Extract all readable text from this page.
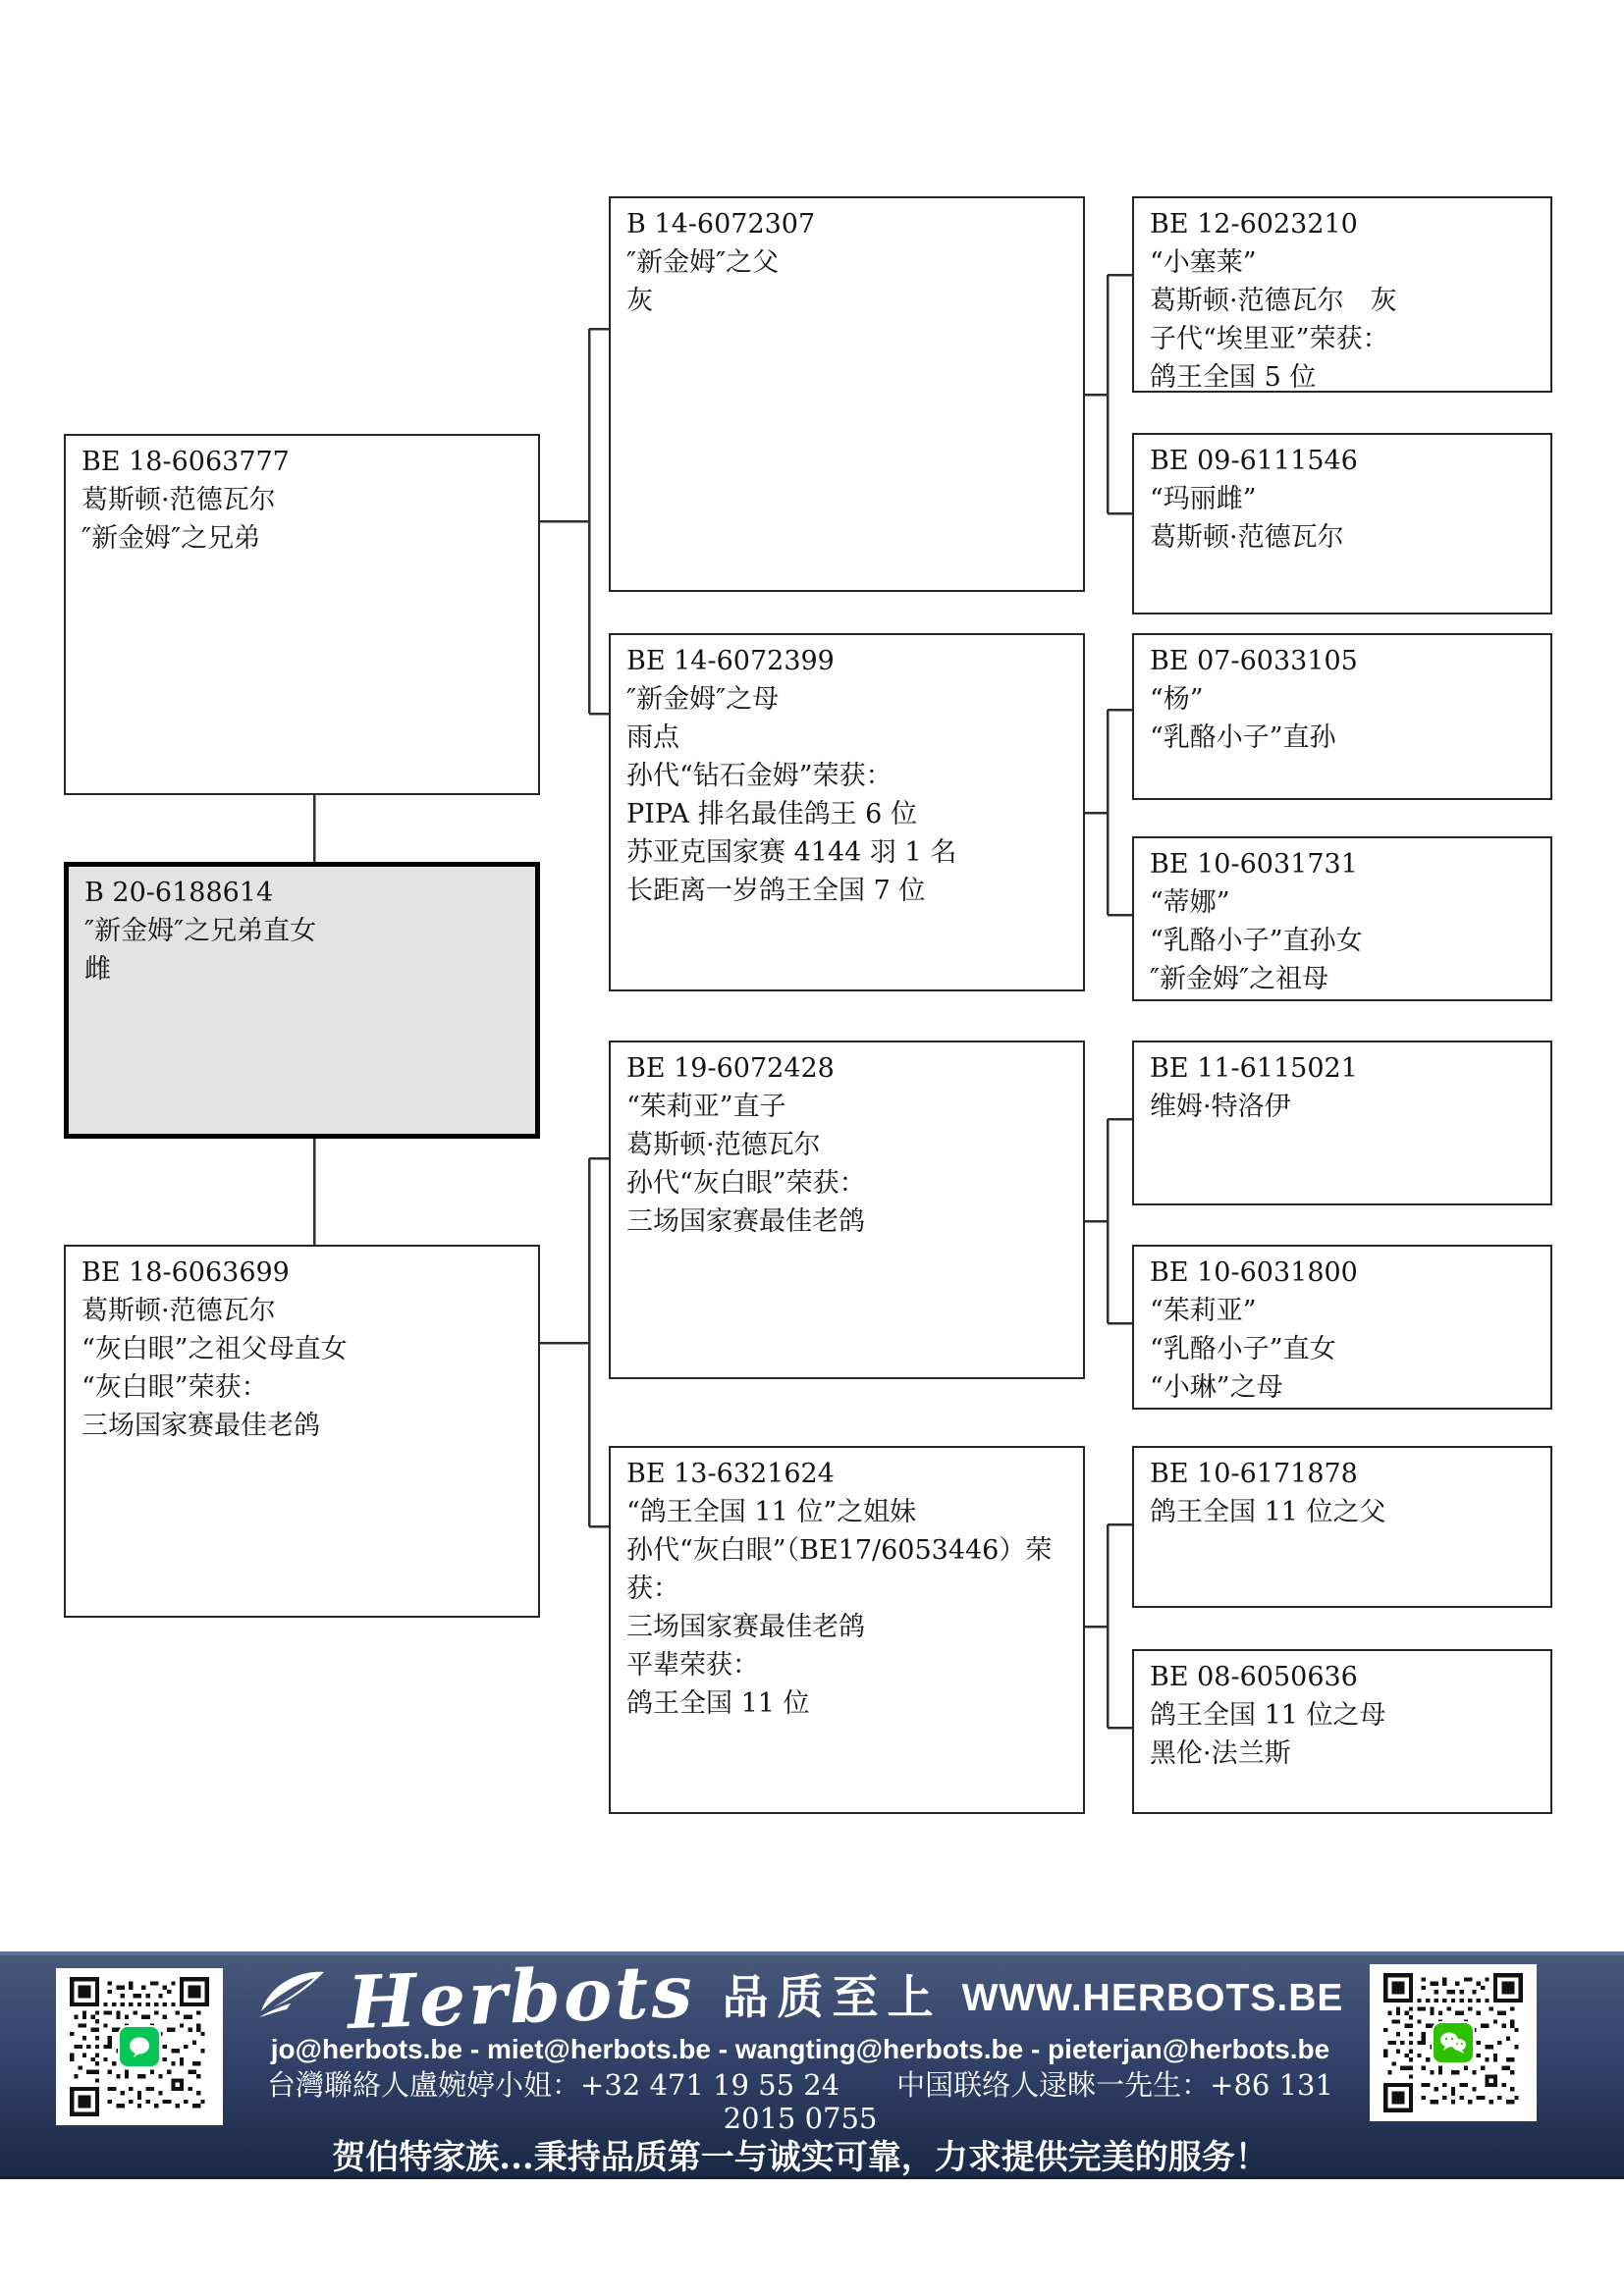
BE 18-6063777
葛斯顿·范德瓦尔
″新金姆″之兄弟
B 20-6188614
″新金姆″之兄弟直女
雌
BE 18-6063699
葛斯顿·范德瓦尔
“灰白眼”之祖父母直女
“灰白眼”荣获：
三场国家赛最佳老鸽
B 14-6072307
″新金姆″之父
灰
BE 14-6072399
″新金姆″之母
雨点
孙代“钻石金姆”荣获：
PIPA 排名最佳鸽王 6 位
苏亚克国家赛 4144 羽 1 名
长距离一岁鸽王全国 7 位
BE 19-6072428
“茱莉亚”直子
葛斯顿·范德瓦尔
孙代“灰白眼”荣获：
三场国家赛最佳老鸽
BE 13-6321624
“鸽王全国 11 位”之姐妹
孙代“灰白眼”（BE17/6053446）荣获：
三场国家赛最佳老鸽
平辈荣获：
鸽王全国 11 位
BE 12-6023210
“小塞莱”
葛斯顿·范德瓦尔　灰
子代“埃里亚”荣获：
鸽王全国 5 位
BE 09-6111546
“玛丽雌”
葛斯顿·范德瓦尔
BE 07-6033105
“杨”
“乳酪小子”直孙
BE 10-6031731
“蒂娜”
“乳酪小子”直孙女
″新金姆″之祖母
BE 11-6115021
维姆·特洛伊
BE 10-6031800
“茱莉亚”
“乳酪小子”直女
“小琳”之母
BE 10-6171878
鸽王全国 11 位之父
BE 08-6050636
鸽王全国 11 位之母
黑伦·法兰斯
Herbots 品质至上 WWW.HERBOTS.BE
jo@herbots.be - miet@herbots.be - wangting@herbots.be - pieterjan@herbots.be
台灣聯絡人盧婉婷小姐：+32 471 19 55 24　　中国联络人逯睞一先生：+86 131 2015 0755
贺伯特家族...秉持品质第一与诚实可靠，力求提供完美的服务！
